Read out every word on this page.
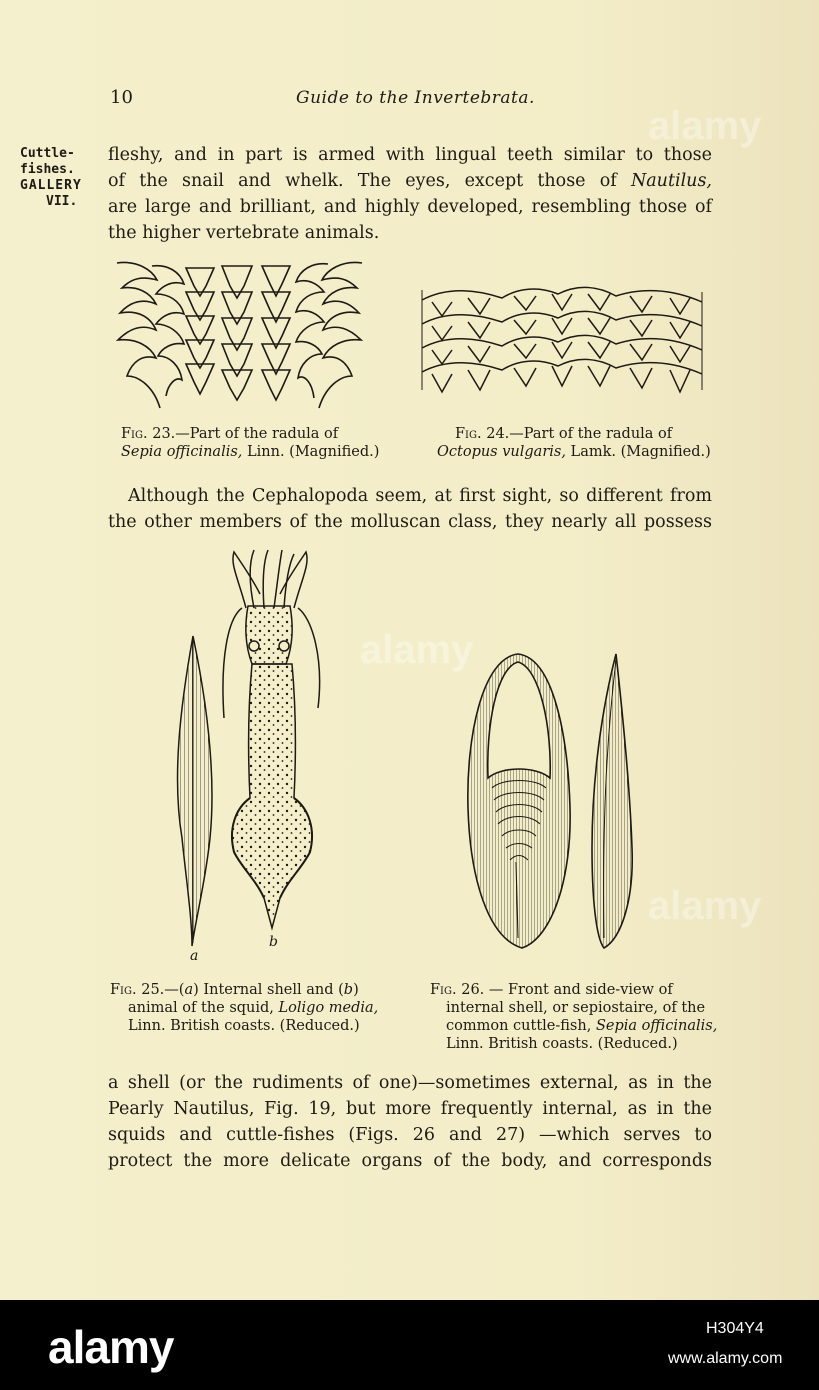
10	Guide to the Invertebrata.
Cuttle-
fishes.
GALLERY
VII.
fleshy, and in part is armed with lingual teeth similar to those
of the snail and whelk. The eyes, except those of Nautilus,
are large and brilliant, and highly developed, resembling those of
the higher vertebrate animals.
Fig. 23.—Part of the radula of
Sepia officinalis, Linn. (Magnified.)
Fig. 24.—Part of the radula of
Octopus vulgaris, Lamk. (Magnified.)
Although the Cephalopoda seem, at first sight, so different from
the other members of the molluscan class, they nearly all possess
a
b
Fig. 25.—(a) Internal shell and (b)
animal of the squid, Loligo media,
Linn. British coasts. (Reduced.)
Fig. 26. — Front and side-view of
internal shell, or sepiostaire, of the
common cuttle-fish, Sepia officinalis,
Linn. British coasts. (Reduced.)
a shell (or the rudiments of one)—sometimes external, as in the
Pearly Nautilus, Fig. 19, but more frequently internal, as in the
squids and cuttle-fishes (Figs. 26 and 27) —which serves to
protect the more delicate organs of the body, and corresponds
alamy
alamy
alamy
alamy	H304Y4
www.alamy.com
